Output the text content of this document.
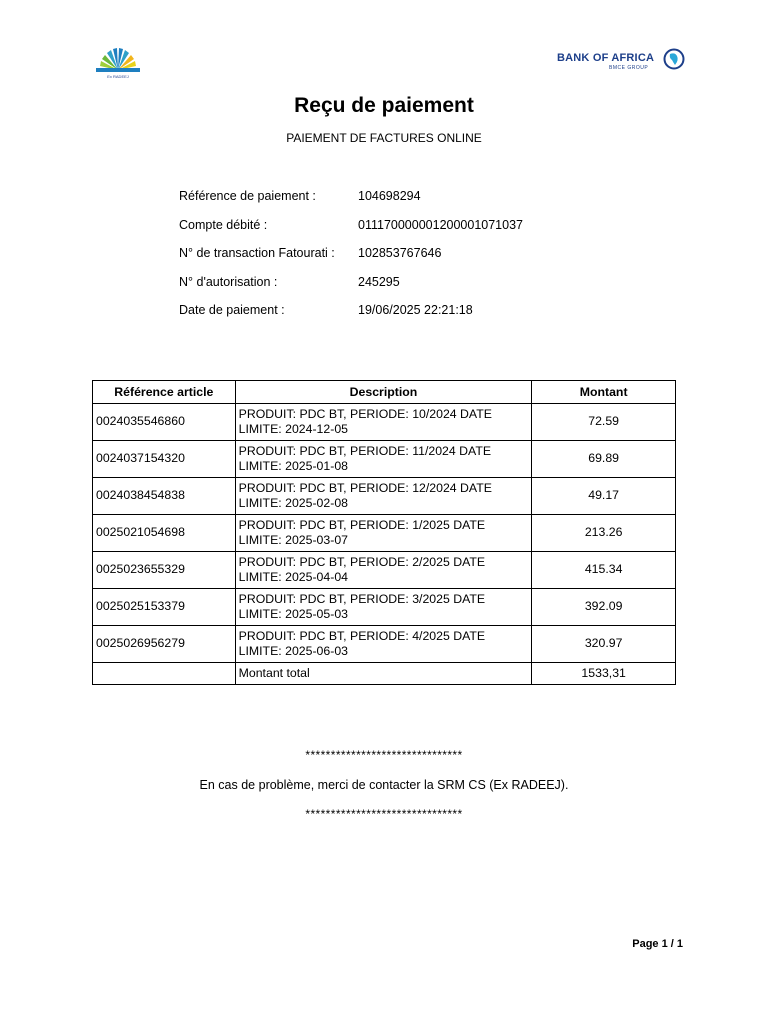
Ex RADEEJ
BANK OF AFRICA
BMCE GROUP
Reçu de paiement
PAIEMENT DE FACTURES ONLINE
Référence de paiement :	104698294
Compte débité :	011170000001200001071037
N° de transaction Fatourati : 102853767646
N° d'autorisation :	245295
Date de paiement :	19/06/2025 22:21:18
Référence article	Description	Montant
0024035546860	PRODUIT: PDC BT, PERIODE: 10/2024 DATE LIMITE: 2024-12-05	72.59
0024037154320	PRODUIT: PDC BT, PERIODE: 11/2024 DATE LIMITE: 2025-01-08	69.89
0024038454838	PRODUIT: PDC BT, PERIODE: 12/2024 DATE LIMITE: 2025-02-08	49.17
0025021054698	PRODUIT: PDC BT, PERIODE: 1/2025 DATE LIMITE: 2025-03-07	213.26
0025023655329	PRODUIT: PDC BT, PERIODE: 2/2025 DATE LIMITE: 2025-04-04	415.34
0025025153379	PRODUIT: PDC BT, PERIODE: 3/2025 DATE LIMITE: 2025-05-03	392.09
0025026956279	PRODUIT: PDC BT, PERIODE: 4/2025 DATE LIMITE: 2025-06-03	320.97
	Montant total	1533,31
*******************************
En cas de problème, merci de contacter la SRM CS (Ex RADEEJ).
*******************************
Page 1 / 1
